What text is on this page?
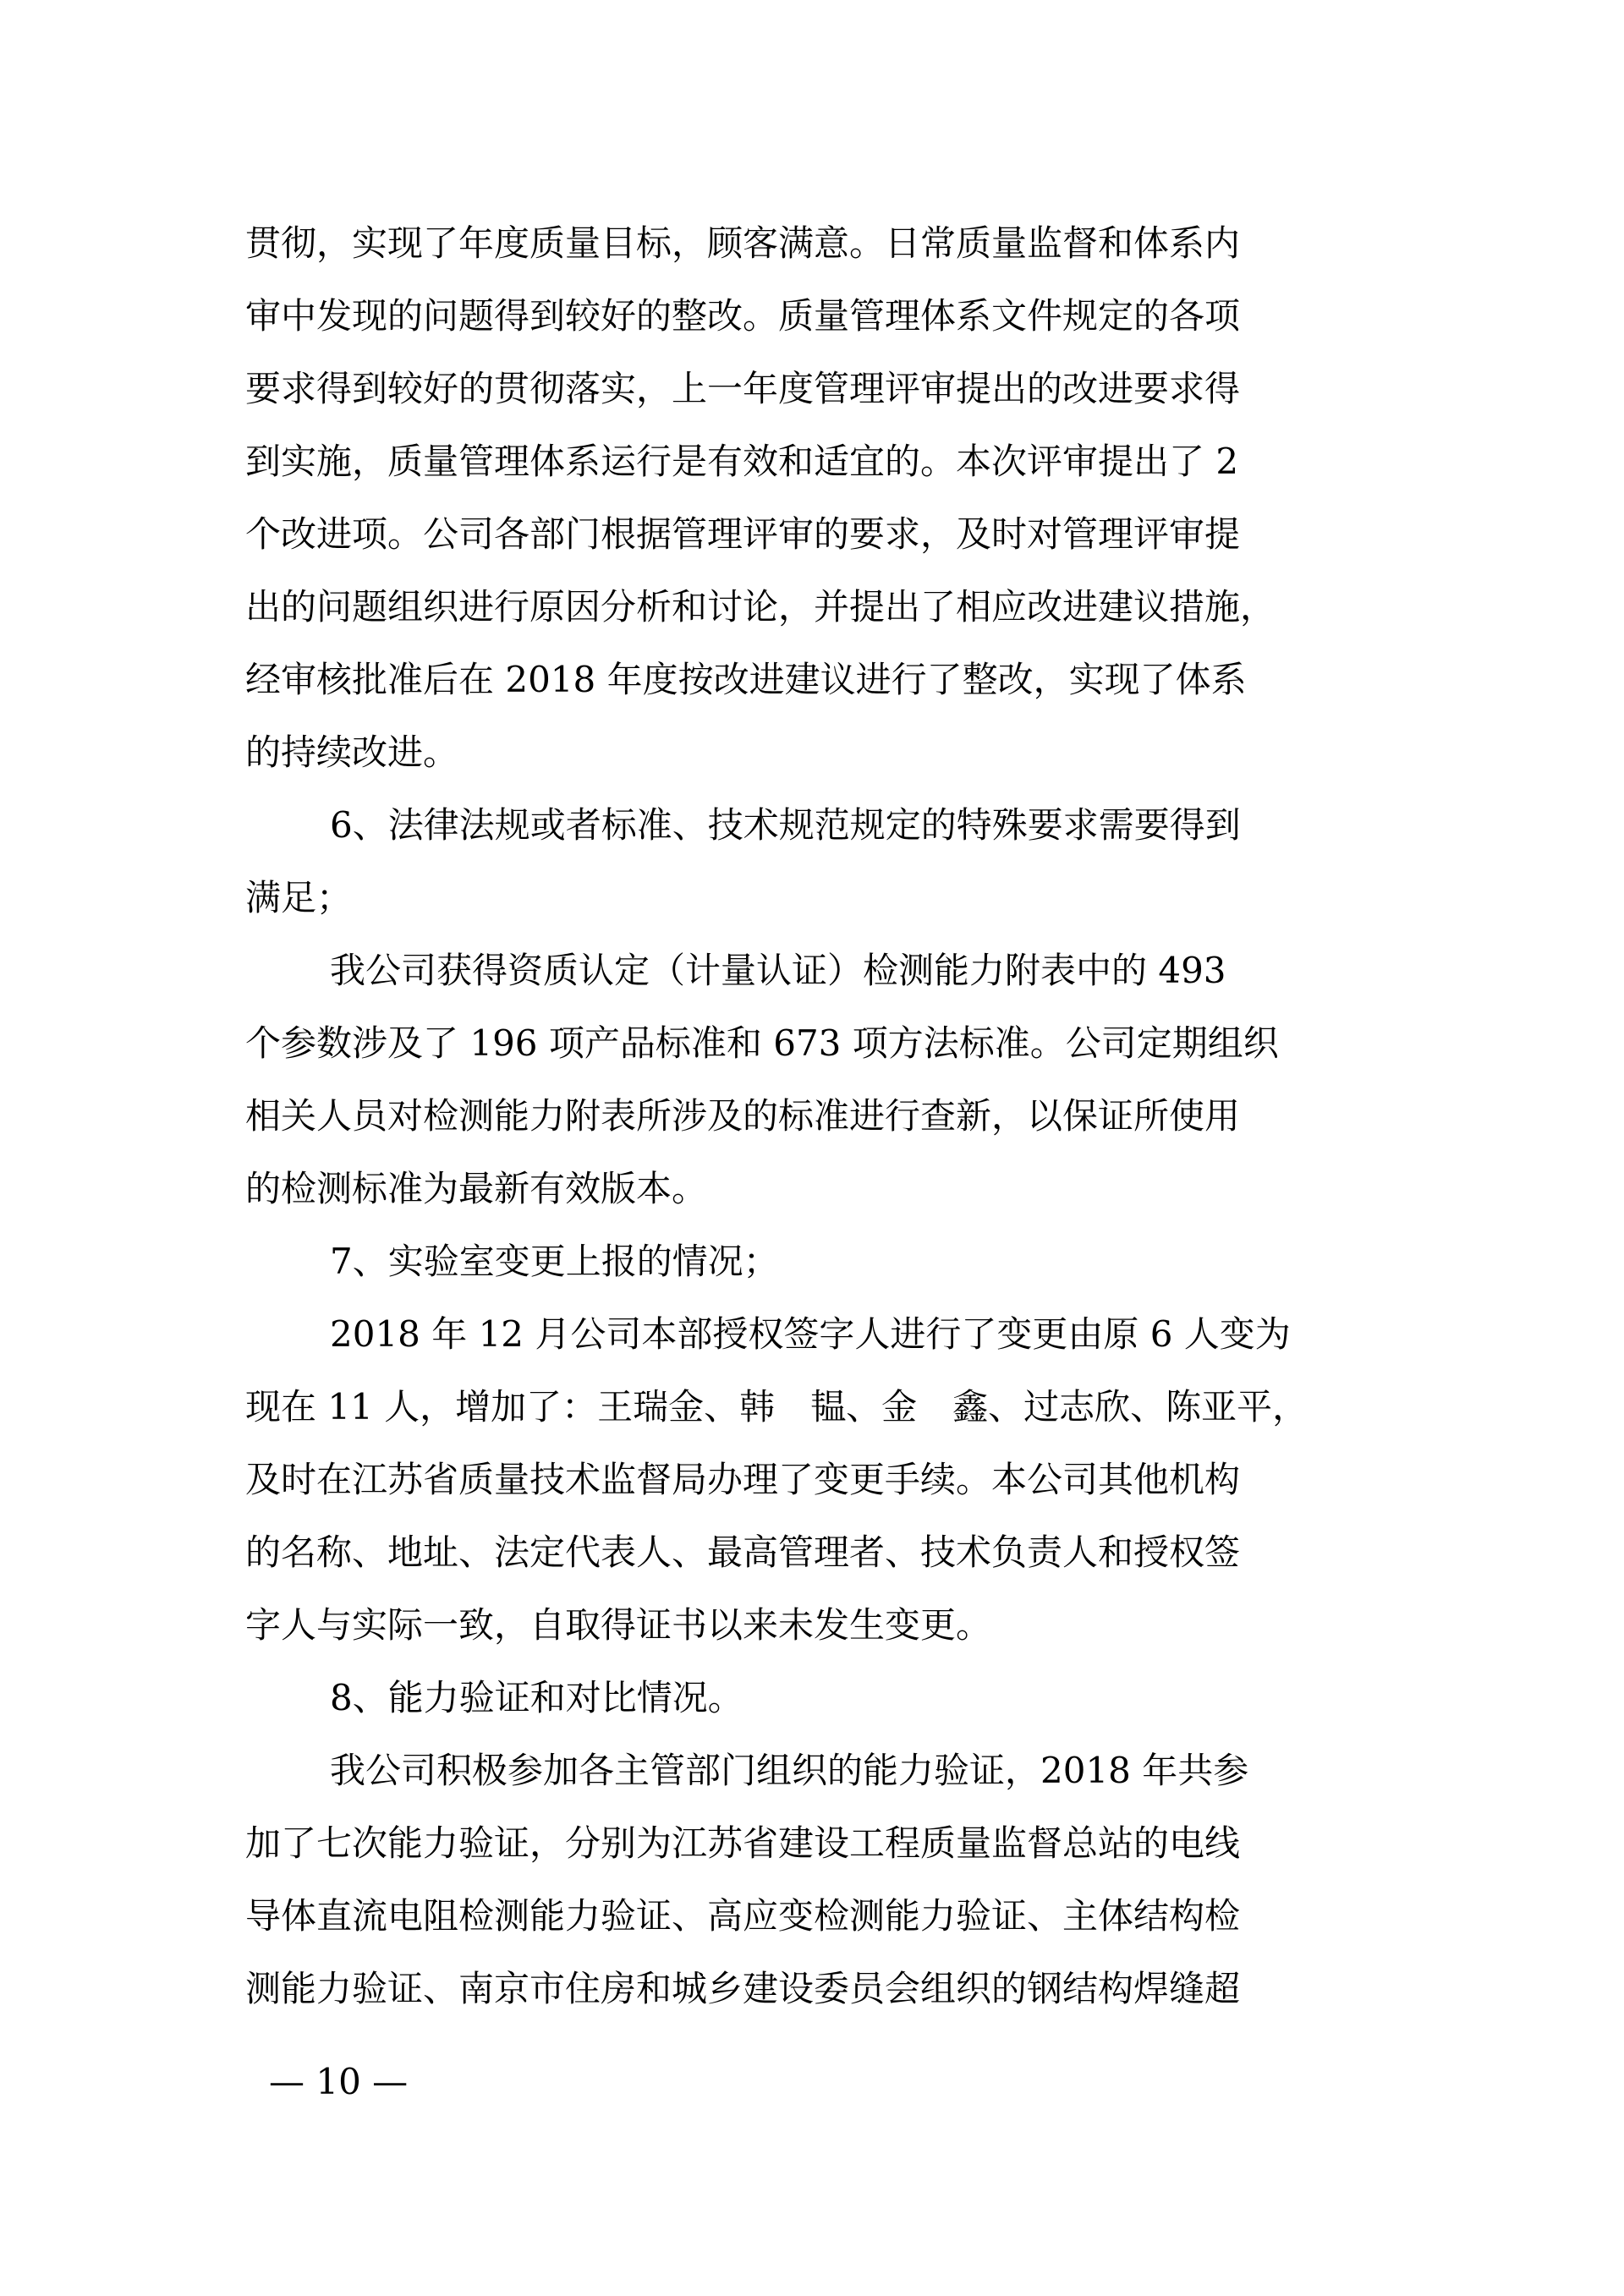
贯彻，实现了年度质量目标，顾客满意。日常质量监督和体系内
审中发现的问题得到较好的整改。质量管理体系文件规定的各项
要求得到较好的贯彻落实，上一年度管理评审提出的改进要求得
到实施，质量管理体系运行是有效和适宜的。本次评审提出了 2
个改进项。公司各部门根据管理评审的要求，及时对管理评审提
出的问题组织进行原因分析和讨论，并提出了相应改进建议措施，
经审核批准后在 2018 年度按改进建议进行了整改，实现了体系
的持续改进。
6、法律法规或者标准、技术规范规定的特殊要求需要得到
满足；
我公司获得资质认定（计量认证）检测能力附表中的 493
个参数涉及了 196 项产品标准和 673 项方法标准。公司定期组织
相关人员对检测能力附表所涉及的标准进行查新，以保证所使用
的检测标准为最新有效版本。
7、实验室变更上报的情况；
2018 年 12 月公司本部授权签字人进行了变更由原 6 人变为
现在 11 人，增加了：王瑞金、韩　韫、金　鑫、过志欣、陈亚平，
及时在江苏省质量技术监督局办理了变更手续。本公司其他机构
的名称、地址、法定代表人、最高管理者、技术负责人和授权签
字人与实际一致，自取得证书以来未发生变更。
8、能力验证和对比情况。
我公司积极参加各主管部门组织的能力验证，2018 年共参
加了七次能力验证，分别为江苏省建设工程质量监督总站的电线
导体直流电阻检测能力验证、高应变检测能力验证、主体结构检
测能力验证、南京市住房和城乡建设委员会组织的钢结构焊缝超
— 10 —
